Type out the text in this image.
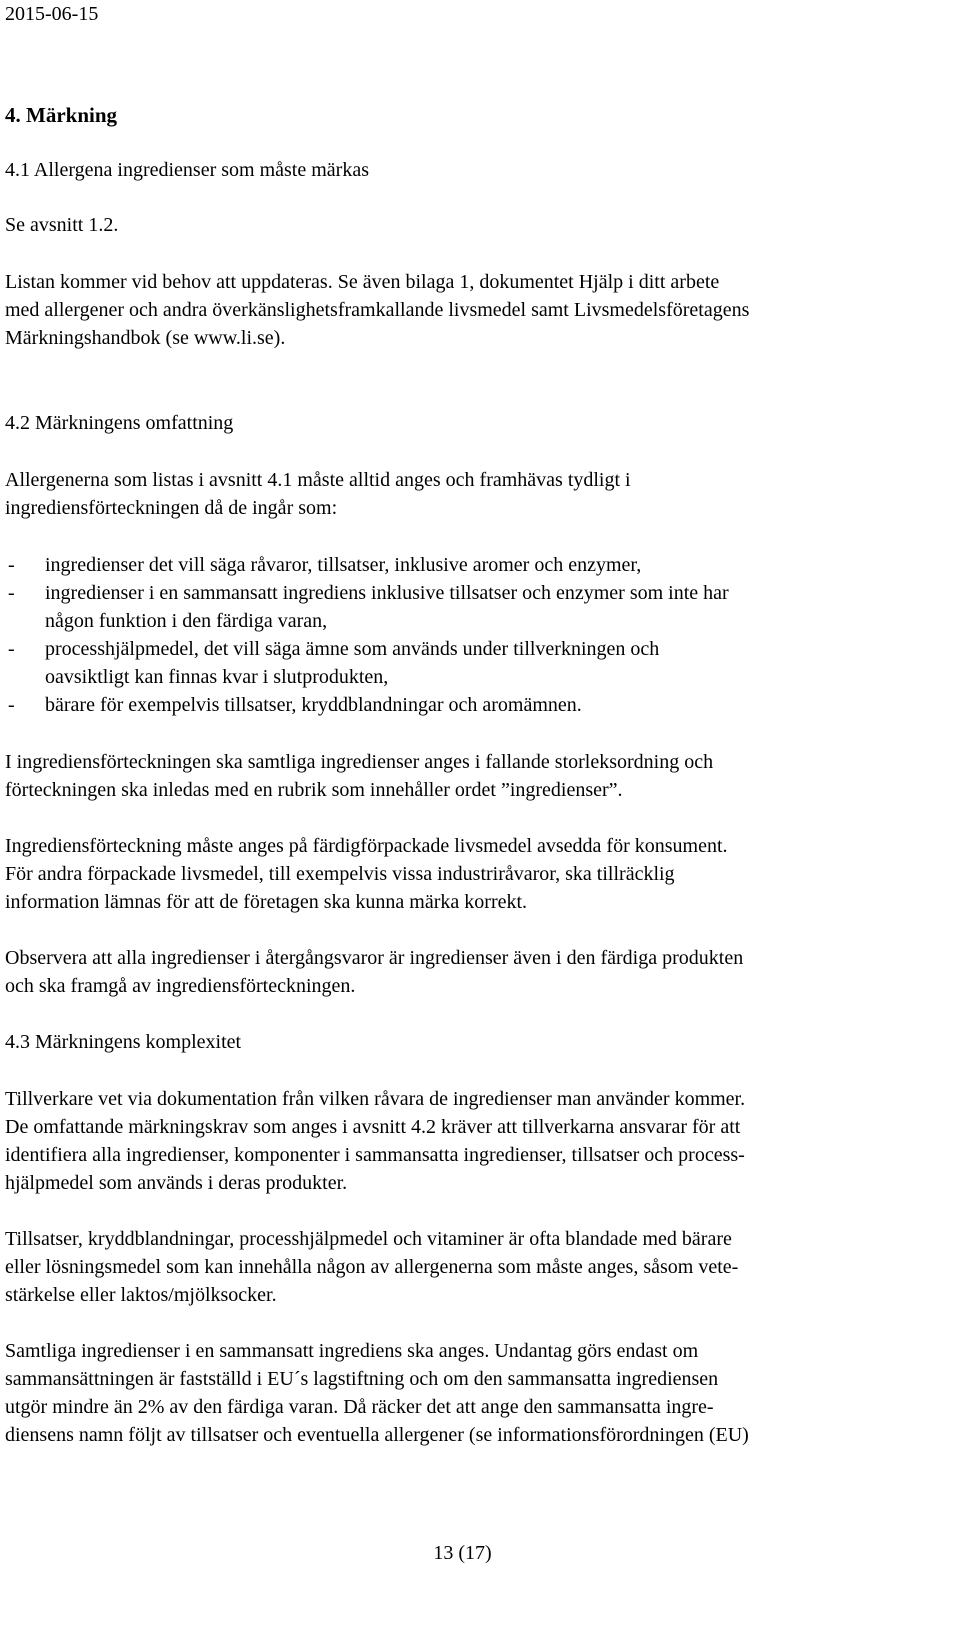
2015-06-15
4. Märkning
4.1 Allergena ingredienser som måste märkas
Se avsnitt 1.2.
Listan kommer vid behov att uppdateras. Se även bilaga 1, dokumentet Hjälp i ditt arbete
med allergener och andra överkänslighetsframkallande livsmedel samt Livsmedelsföretagens
Märkningshandbok (se www.li.se).
4.2 Märkningens omfattning
Allergenerna som listas i avsnitt 4.1 måste alltid anges och framhävas tydligt i
ingrediensförteckningen då de ingår som:
- ingredienser det vill säga råvaror, tillsatser, inklusive aromer och enzymer,
- ingredienser i en sammansatt ingrediens inklusive tillsatser och enzymer som inte har
någon funktion i den färdiga varan,
- processhjälpmedel, det vill säga ämne som används under tillverkningen och
oavsiktligt kan finnas kvar i slutprodukten,
- bärare för exempelvis tillsatser, kryddblandningar och aromämnen.
I ingrediensförteckningen ska samtliga ingredienser anges i fallande storleksordning och
förteckningen ska inledas med en rubrik som innehåller ordet ”ingredienser”.
Ingrediensförteckning måste anges på färdigförpackade livsmedel avsedda för konsument.
För andra förpackade livsmedel, till exempelvis vissa industriråvaror, ska tillräcklig
information lämnas för att de företagen ska kunna märka korrekt.
Observera att alla ingredienser i återgångsvaror är ingredienser även i den färdiga produkten
och ska framgå av ingrediensförteckningen.
4.3 Märkningens komplexitet
Tillverkare vet via dokumentation från vilken råvara de ingredienser man använder kommer.
De omfattande märkningskrav som anges i avsnitt 4.2 kräver att tillverkarna ansvarar för att
identifiera alla ingredienser, komponenter i sammansatta ingredienser, tillsatser och process-
hjälpmedel som används i deras produkter.
Tillsatser, kryddblandningar, processhjälpmedel och vitaminer är ofta blandade med bärare
eller lösningsmedel som kan innehålla någon av allergenerna som måste anges, såsom vete-
stärkelse eller laktos/mjölksocker.
Samtliga ingredienser i en sammansatt ingrediens ska anges. Undantag görs endast om
sammansättningen är fastställd i EU´s lagstiftning och om den sammansatta ingrediensen
utgör mindre än 2% av den färdiga varan. Då räcker det att ange den sammansatta ingre-
diensens namn följt av tillsatser och eventuella allergener (se informationsförordningen (EU)
13 (17)
